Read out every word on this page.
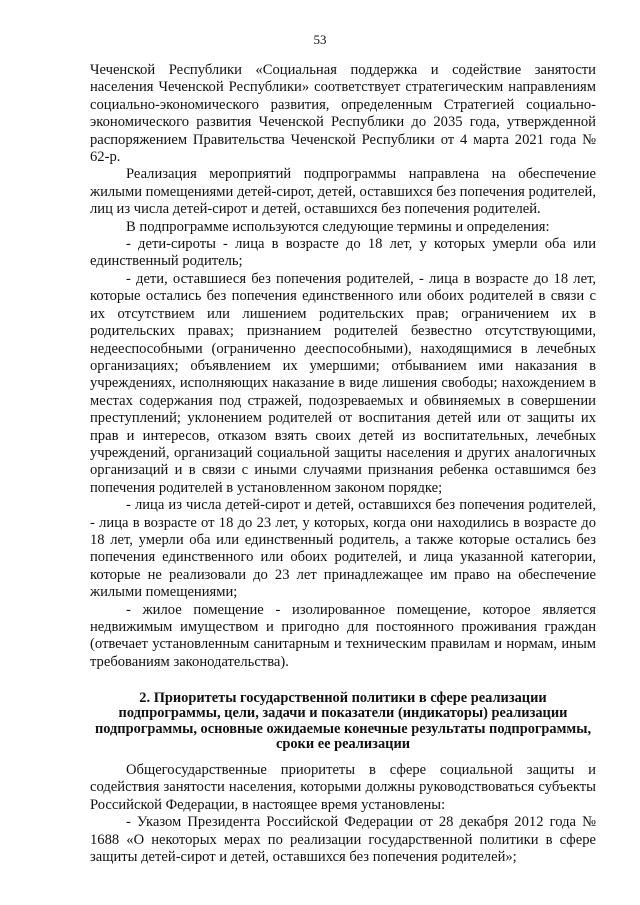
53

Чеченской Республики «Социальная поддержка и содействие занятости населения Чеченской Республики» соответствует стратегическим направлениям социально-экономического развития, определенным Стратегией социально-экономического развития Чеченской Республики до 2035 года, утвержденной распоряжением Правительства Чеченской Республики от 4 марта 2021 года № 62-р.

Реализация мероприятий подпрограммы направлена на обеспечение жилыми помещениями детей-сирот, детей, оставшихся без попечения родителей, лиц из числа детей-сирот и детей, оставшихся без попечения родителей.

В подпрограмме используются следующие термины и определения:

- дети-сироты - лица в возрасте до 18 лет, у которых умерли оба или единственный родитель;

- дети, оставшиеся без попечения родителей, - лица в возрасте до 18 лет, которые остались без попечения единственного или обоих родителей в связи с их отсутствием или лишением родительских прав; ограничением их в родительских правах; признанием родителей безвестно отсутствующими, недееспособными (ограниченно дееспособными), находящимися в лечебных организациях; объявлением их умершими; отбыванием ими наказания в учреждениях, исполняющих наказание в виде лишения свободы; нахождением в местах содержания под стражей, подозреваемых и обвиняемых в совершении преступлений; уклонением родителей от воспитания детей или от защиты их прав и интересов, отказом взять своих детей из воспитательных, лечебных учреждений, организаций социальной защиты населения и других аналогичных организаций и в связи с иными случаями признания ребенка оставшимся без попечения родителей в установленном законом порядке;

- лица из числа детей-сирот и детей, оставшихся без попечения родителей, - лица в возрасте от 18 до 23 лет, у которых, когда они находились в возрасте до 18 лет, умерли оба или единственный родитель, а также которые остались без попечения единственного или обоих родителей, и лица указанной категории, которые не реализовали до 23 лет принадлежащее им право на обеспечение жилыми помещениями;

- жилое помещение - изолированное помещение, которое является недвижимым имуществом и пригодно для постоянного проживания граждан (отвечает установленным санитарным и техническим правилам и нормам, иным требованиям законодательства).

2. Приоритеты государственной политики в сфере реализации подпрограммы, цели, задачи и показатели (индикаторы) реализации подпрограммы, основные ожидаемые конечные результаты подпрограммы, сроки ее реализации

Общегосударственные приоритеты в сфере социальной защиты и содействия занятости населения, которыми должны руководствоваться субъекты Российской Федерации, в настоящее время установлены:

- Указом Президента Российской Федерации от 28 декабря 2012 года № 1688 «О некоторых мерах по реализации государственной политики в сфере защиты детей-сирот и детей, оставшихся без попечения родителей»;
